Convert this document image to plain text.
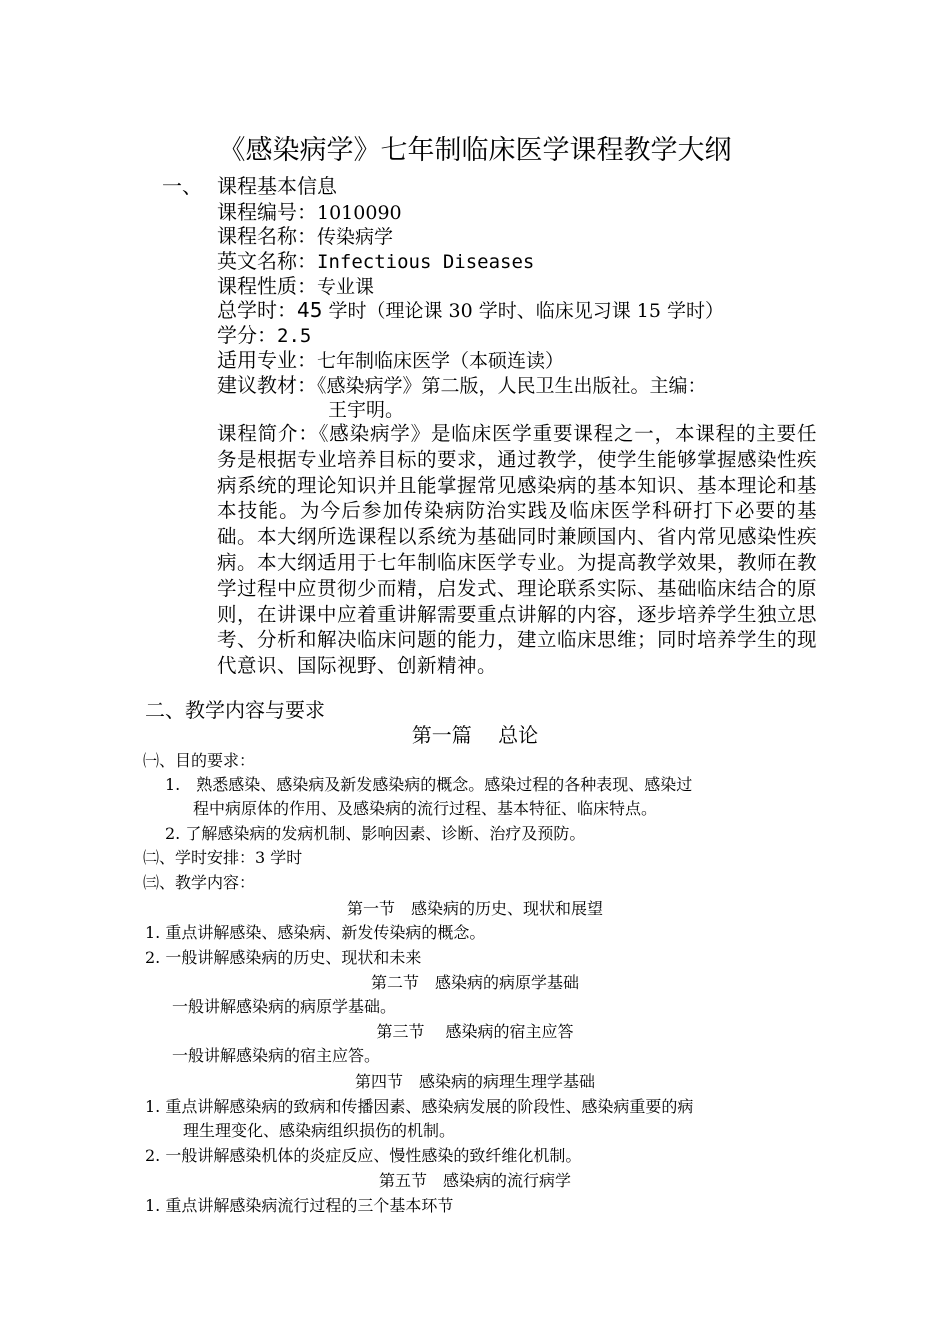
《感染病学》七年制临床医学课程教学大纲
一、 课程基本信息
课程编号：1010090
课程名称：传染病学
英文名称：Infectious Diseases
课程性质：专业课
总学时：45 学时（理论课 30 学时、临床见习课 15 学时）
学分：2.5
适用专业：七年制临床医学（本硕连读）
建议教材：《感染病学》第二版，人民卫生出版社。主编：
王宇明。
课程简介：《感染病学》是临床医学重要课程之一，本课程的主要任务是根据专业培养目标的要求，通过教学，使学生能够掌握感染性疾病系统的理论知识并且能掌握常见感染病的基本知识、基本理论和基本技能。为今后参加传染病防治实践及临床医学科研打下必要的基础。本大纲所选课程以系统为基础同时兼顾国内、省内常见感染性疾病。本大纲适用于七年制临床医学专业。为提高教学效果，教师在教学过程中应贯彻少而精，启发式、理论联系实际、基础临床结合的原则，在讲课中应着重讲解需要重点讲解的内容，逐步培养学生独立思考、分析和解决临床问题的能力，建立临床思维；同时培养学生的现代意识、国际视野、创新精神。
二、教学内容与要求
第一篇　 总论
㈠、目的要求：
1.　熟悉感染、感染病及新发感染病的概念。感染过程的各种表现、感染过
程中病原体的作用、及感染病的流行过程、基本特征、临床特点。
2. 了解感染病的发病机制、影响因素、诊断、治疗及预防。
㈡、学时安排：3 学时
㈢、教学内容：
第一节　感染病的历史、现状和展望
1. 重点讲解感染、感染病、新发传染病的概念。
2. 一般讲解感染病的历史、现状和未来
第二节　感染病的病原学基础
一般讲解感染病的病原学基础。
第三节　 感染病的宿主应答
一般讲解感染病的宿主应答。
第四节　感染病的病理生理学基础
1. 重点讲解感染病的致病和传播因素、感染病发展的阶段性、感染病重要的病
理生理变化、感染病组织损伤的机制。
2. 一般讲解感染机体的炎症反应、慢性感染的致纤维化机制。
第五节　感染病的流行病学
1. 重点讲解感染病流行过程的三个基本环节
